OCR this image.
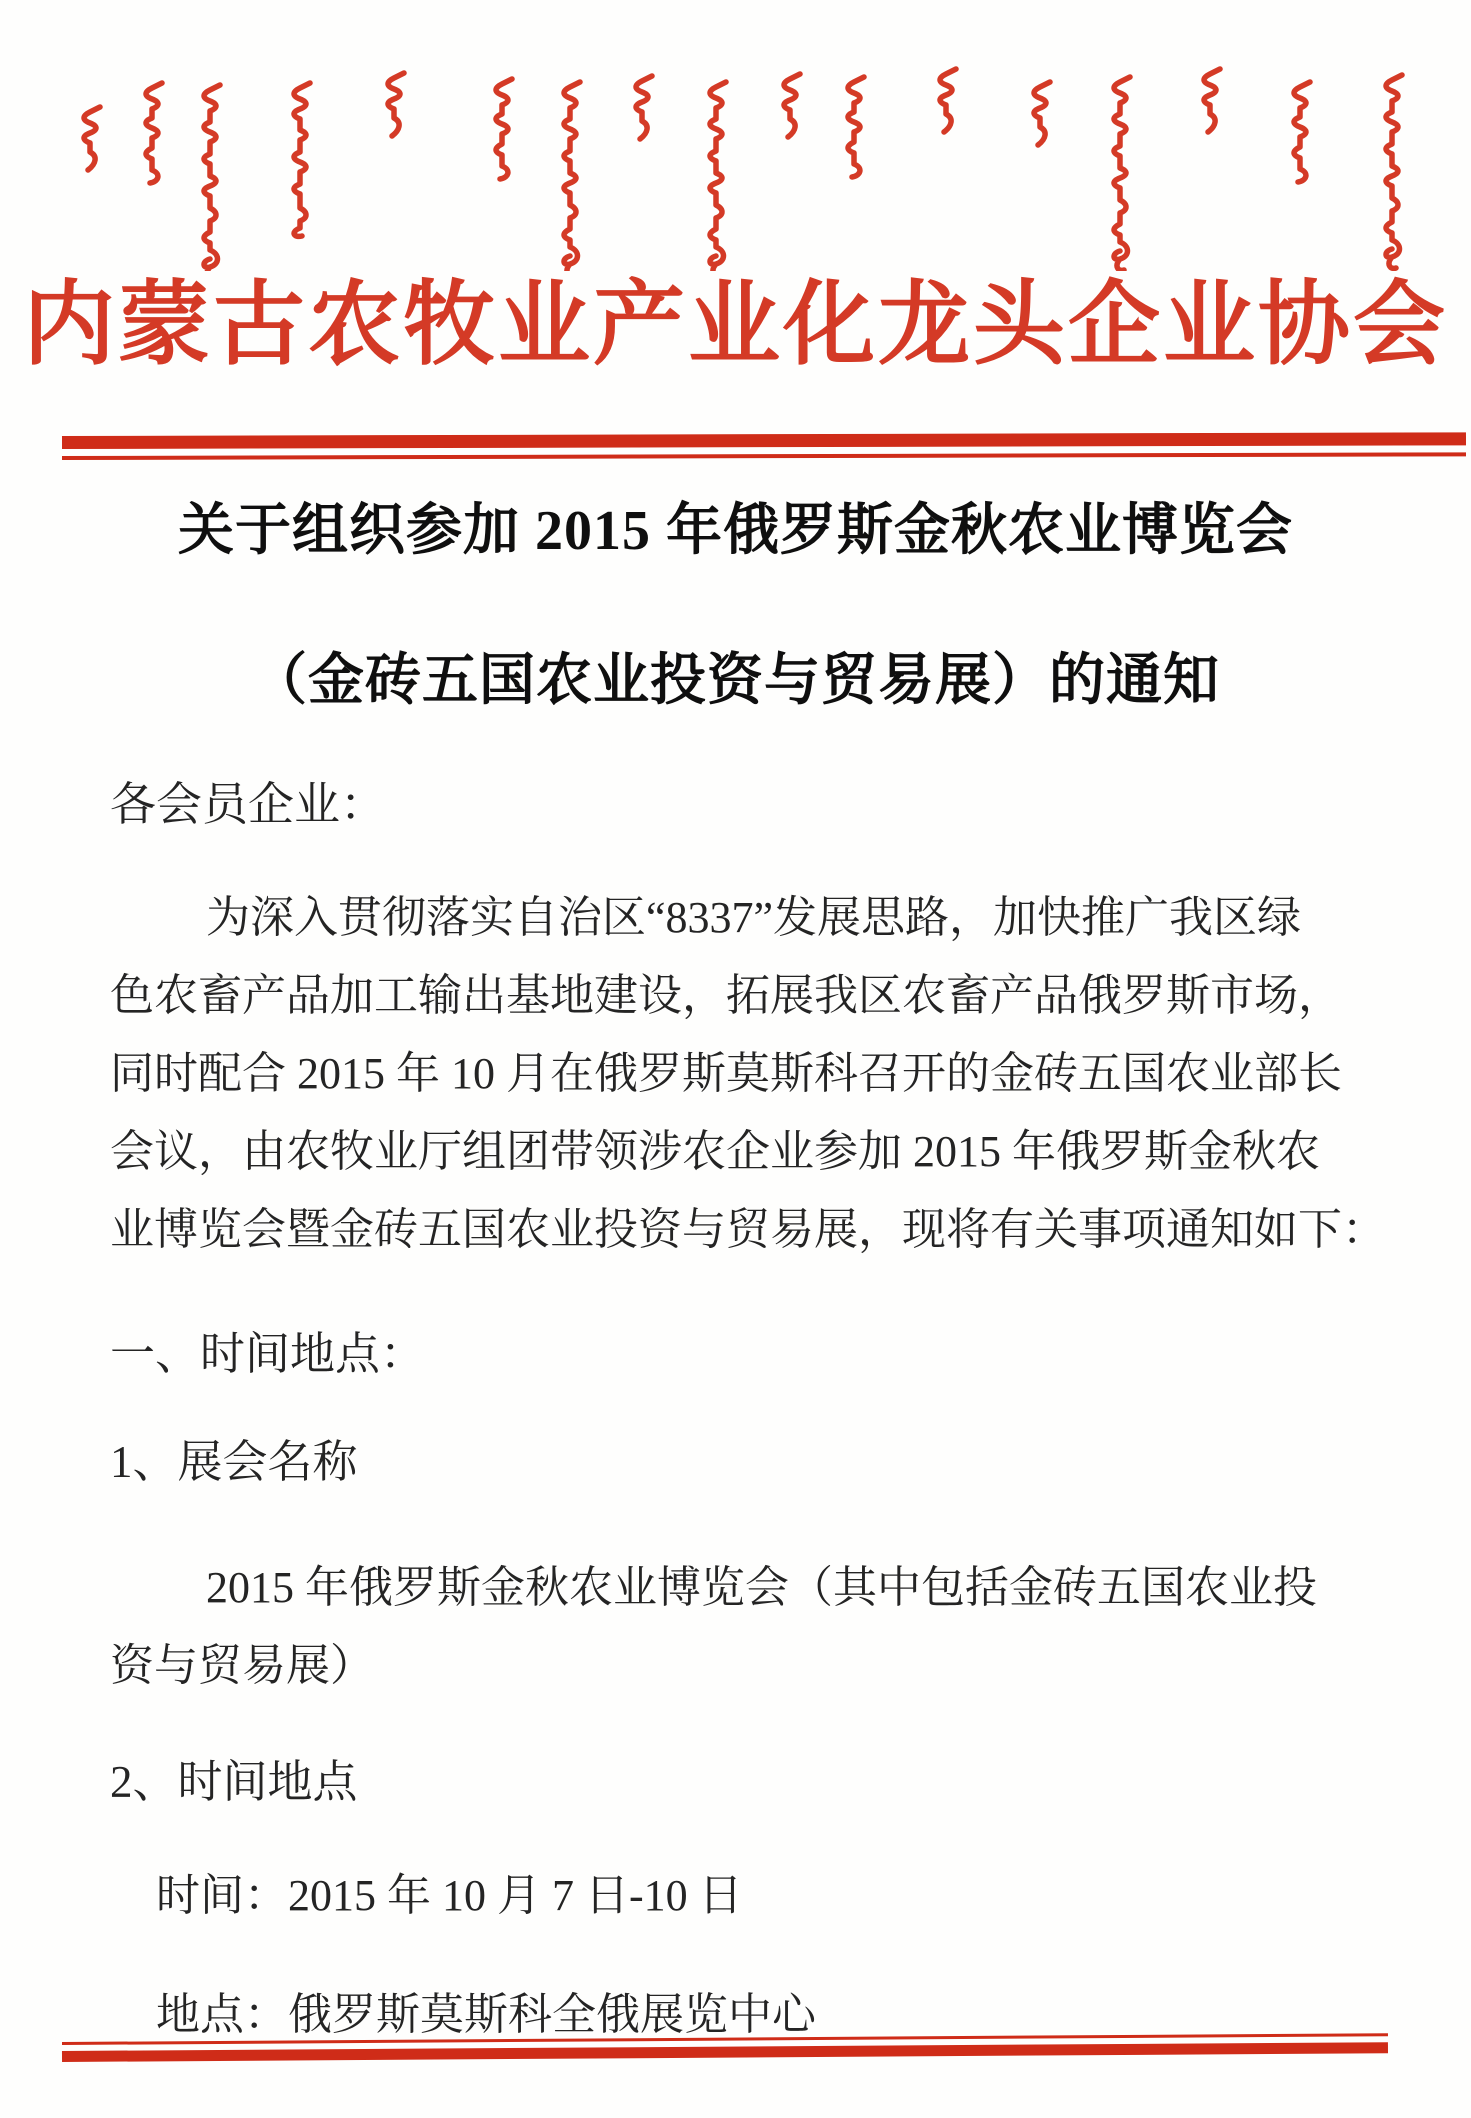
内蒙古农牧业产业化龙头企业协会
关于组织参加 2015 年俄罗斯金秋农业博览会
（金砖五国农业投资与贸易展）的通知
各会员企业：
为深入贯彻落实自治区“8337”发展思路，加快推广我区绿
色农畜产品加工输出基地建设，拓展我区农畜产品俄罗斯市场，
同时配合 2015 年 10 月在俄罗斯莫斯科召开的金砖五国农业部长
会议，由农牧业厅组团带领涉农企业参加 2015 年俄罗斯金秋农
业博览会暨金砖五国农业投资与贸易展，现将有关事项通知如下：
一、时间地点：
1、展会名称
2015 年俄罗斯金秋农业博览会（其中包括金砖五国农业投
资与贸易展）
2、时间地点
时间：2015 年 10 月 7 日-10 日
地点：俄罗斯莫斯科全俄展览中心
